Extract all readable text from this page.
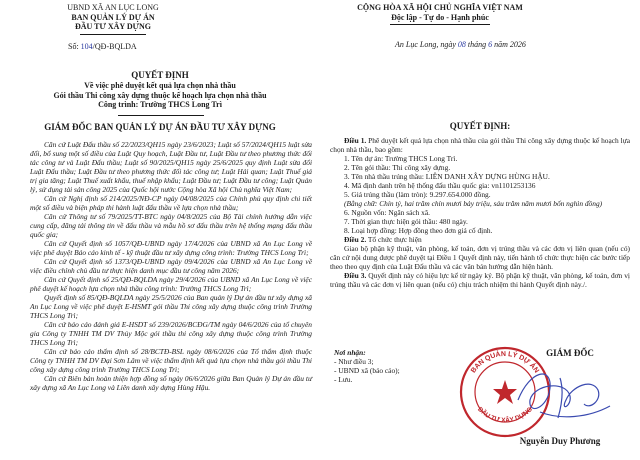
UBND XÃ AN LỤC LONG
BAN QUẢN LÝ DỰ ÁN
ĐẦU TƯ XÂY DỰNG
Số: 104/QĐ-BQLDA
CỘNG HÒA XÃ HỘI CHỦ NGHĨA VIỆT NAM
Độc lập - Tự do - Hạnh phúc
An Lục Long, ngày 08 tháng 6 năm 2026
QUYẾT ĐỊNH
Về việc phê duyệt kết quả lựa chọn nhà thầu
Gói thầu Thi công xây dựng thuộc kế hoạch lựa chọn nhà thầu
Công trình: Trường THCS Long Trì
GIÁM ĐỐC BAN QUẢN LÝ DỰ ÁN ĐẦU TƯ XÂY DỰNG

Căn cứ Luật Đấu thầu số 22/2023/QH15 ngày 23/6/2023; Luật số 57/2024/QH15 luật sửa đổi, bổ sung một số điều của Luật Quy hoạch, Luật Đầu tư, Luật Đầu tư theo phương thức đối tác công tư và Luật Đấu thầu; Luật số 90/2025/QH15 ngày 25/6/2025 quy định Luật sửa đổi Luật Đấu thầu; Luật Đầu tư theo phương thức đối tác công tư; Luật Hải quan; Luật Thuế giá trị gia tăng; Luật Thuế xuất khẩu, thuế nhập khẩu; Luật Đầu tư; Luật Đầu tư công; Luật Quản lý, sử dụng tài sản công 2025 của Quốc hội nước Cộng hòa Xã hội Chủ nghĩa Việt Nam;

Căn cứ Nghị định số 214/2025/NĐ-CP ngày 04/08/2025 của Chính phủ quy định chi tiết một số điều và biện pháp thi hành luật đấu thầu về lựa chọn nhà thầu;

Căn cứ Thông tư số 79/2025/TT-BTC ngày 04/8/2025 của Bộ Tài chính hướng dẫn việc cung cấp, đăng tải thông tin về đấu thầu và mẫu hồ sơ đấu thầu trên hệ thống mạng đấu thầu quốc gia;

Căn cứ Quyết định số 1057/QĐ-UBND ngày 17/4/2026 của UBND xã An Lục Long về việc phê duyệt Báo cáo kinh tế - kỹ thuật đầu tư xây dựng công trình: Trường THCS Long Trì;

Căn cứ Quyết định số 1373/QĐ-UBND ngày 09/4/2026 của UBND xã An Lục Long về việc điều chỉnh chủ đầu tư thực hiện danh mục đầu tư công năm 2026;

Căn cứ Quyết định số 25/QĐ-BQLDA ngày 29/4/2026 của UBND xã An Lục Long về việc phê duyệt kế hoạch lựa chọn nhà thầu công trình: Trường THCS Long Trì;

Quyết định số 85/QĐ-BQLDA ngày 25/5/2026 của Ban quản lý Dự án đầu tư xây dựng xã An Lục Long về việc phê duyệt E-HSMT gói thầu Thi công xây dựng thuộc công trình Trường THCS Long Trì;

Căn cứ báo cáo đánh giá E-HSDT số 239/2026/BCĐG/TM ngày 04/6/2026 của tổ chuyên gia Công ty TNHH TM DV Thủy Mộc gói thầu thi công xây dựng thuộc công trình Trường THCS Long Trì;

Căn cứ báo cáo thẩm định số 28/BCTĐ-BSL ngày 08/6/2026 của Tổ thẩm định thuộc Công ty TNHH TM DV Đại Sơn Lâm về việc thẩm định kết quả lựa chọn nhà thầu gói thầu Thi công xây dựng công trình Trường THCS Long Trì;

Căn cứ Biên bản hoàn thiện hợp đồng số ngày 06/6/2026 giữa Ban Quản lý Dự án đầu tư xây dựng xã An Lục Long và Liên danh xây dựng Hùng Hậu.

QUYẾT ĐỊNH:

Điều 1. Phê duyệt kết quả lựa chọn nhà thầu của gói thầu Thi công xây dựng thuộc kế hoạch lựa chọn nhà thầu, bao gồm:

1. Tên dự án: Trường THCS Long Trì.

2. Tên gói thầu: Thi công xây dựng.

3. Tên nhà thầu trúng thầu: LIÊN DANH XÂY DỰNG HÙNG HẬU.

4. Mã định danh trên hệ thống đấu thầu quốc gia: vn1101253136

5. Giá trúng thầu (làm tròn): 9.297.654.000 đồng.

(Bằng chữ: Chín tỷ, hai trăm chín mươi bảy triệu, sáu trăm năm mươi bốn nghìn đồng)

6. Nguồn vốn: Ngân sách xã.

7. Thời gian thực hiện gói thầu: 480 ngày.

8. Loại hợp đồng: Hợp đồng theo đơn giá cố định.

Điều 2. Tổ chức thực hiện

Giao bộ phận kỹ thuật, văn phòng, kế toán, đơn vị trúng thầu và các đơn vị liên quan (nếu có) căn cứ nội dung được phê duyệt tại Điều 1 Quyết định này, tiến hành tổ chức thực hiện các bước tiếp theo theo quy định của Luật Đấu thầu và các văn bản hướng dẫn hiện hành.

Điều 3. Quyết định này có hiệu lực kể từ ngày ký. Bộ phận kỹ thuật, văn phòng, kế toán, đơn vị trúng thầu và các đơn vị liên quan (nếu có) chịu trách nhiệm thi hành Quyết định này./.

Nơi nhận:
- Như điều 3;
- UBND xã (báo cáo);
- Lưu.
GIÁM ĐỐC
BAN QUẢN LÝ DỰ ÁN
ĐẦU TƯ XÂY DỰNG
Nguyễn Duy Phương
